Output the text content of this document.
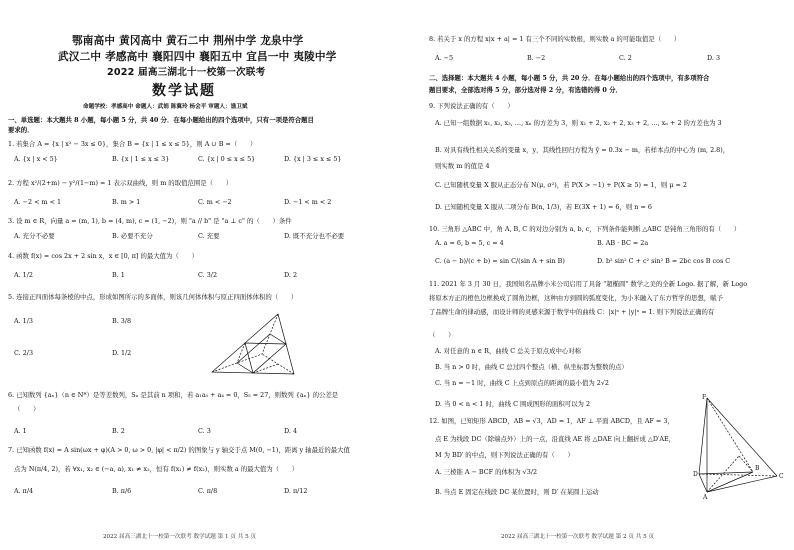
鄂南高中 黄冈高中 黄石二中 荆州中学 龙泉中学
武汉二中 孝感高中 襄阳四中 襄阳五中 宜昌一中 夷陵中学
2022 届高三湖北十一校第一次联考
数学试题
命题学校：孝感高中 命题人：武娟 陈冀玲 杨会平 审题人：谯卫斌
一、单选题：本大题共 8 小题，每小题 5 分，共 40 分．在每小题给出的四个选项中，只有一项是符合题目
要求的．
1. 若集合 A = {x | x² − 3x ≤ 0}，集合 B = {x | 1 ≤ x ≤ 5}，则 A ∪ B =（　　）
A. {x | x < 5}	B. {x | 1 ≤ x ≤ 3}	C. {x | 0 ≤ x ≤ 5}	D. {x | 3 ≤ x ≤ 5}
2. 方程 x²/(2+m) − y²/(1−m) = 1 表示双曲线，则 m 的取值范围是（　　）
A. −2 < m < 1	B. m > 1	C. m < −2	D. −1 < m < 2
3. 设 m ∈ R，向量 a = (m, 1), b = (4, m), c = (1, −2)，则 "a // b" 是 "a ⊥ c" 的（　　）条件
A. 充分不必要	B. 必要不充分	C. 充要	D. 既不充分也不必要
4. 函数 f(x) = cos 2x + 2 sin x，x ∈ [0, π] 的最大值为（　　）
A. 1/2	B. 1	C. 3/2	D. 2
5. 连接正四面体每条棱的中点，形成如图所示的多面体，则该几何体体积与原正四面体体积的（　　）
A. 1/3	B. 3/8
C. 2/3	D. 1/2
6. 已知数列 {aₙ}（n ∈ N*）是等差数列，Sₙ 是其前 n 项和，若 a₁a₅ + a₄ = 0，S₅ = 27，则数列 {aₙ} 的公差是
（　　）
A. 1	B. 2	C. 3	D. 4
7. 已知函数 f(x) = A sin(ωx + φ)(A > 0, ω > 0, |φ| < π/2) 的图象与 y 轴交于点 M(0, −1)，距离 y 轴最近的最大值
点为 N(π/4, 2)，若 ∀x₁, x₂ ∈ (−a, a), x₁ ≠ x₂，恒有 f(x₁) ≠ f(x₂)，则实数 a 的最大值为（　　）
A. π/4	B. π/6	C. π/8	D. π/12
2022 届高三湖北十一校第一次联考 数学试题 第 1 页 共 5 页
8. 若关于 x 的方程 x|x + a| = 1 有三个不同的实数根，则实数 a 的可能取值是（　　）
A. −5	B. −2	C. 2	D. 3
二、选择题：本大题共 4 小题，每小题 5 分，共 20 分．在每小题给出的四个选项中，有多项符合
题目要求，全部选对得 5 分，部分选对得 2 分，有选错的得 0 分．
9. 下列说法正确的有（　　）
A. 已知一组数据 x₁, x₂, x₃, …, xₙ 的方差为 3，则 x₁ + 2, x₂ + 2, x₃ + 2, …, xₙ + 2 的方差也为 3
B. 对具有线性相关关系的变量 x，y，其线性回归方程为 ŷ = 0.3x − m，若样本点的中心为 (m, 2.8)，
则实数 m 的值是 4
C. 已知随机变量 X 服从正态分布 N(μ, σ²)，若 P(X > −1) + P(X ≥ 5) = 1，则 μ = 2
D. 已知随机变量 X 服从二项分布 B(n, 1/3)，若 E(3X + 1) = 6，则 n = 6
10. 三角形 △ABC 中，角 A, B, C 的对边分别为 a, b, c，下列条件能判断 △ABC 是钝角三角形的有（　　）
A. a = 6, b = 5, c = 4	B. AB · BC = 2a
C. (a − b)/(c + b) = sin C/(sin A + sin B)	D. b² sin² C + c² sin² B = 2bc cos B cos C
11. 2021 年 3 月 30 日，我国知名品牌小米公司启用了具备 "超椭圆" 数学之美的全新 Logo. 据了解，新 Logo
将原本方正的橙色边框换成了圆角边框，这种由方到圆的弧度变化，为小米融入了东方哲学的思想，赋予
了品牌生命的律动感，而设计师的灵感来源于数学中的曲线 C：|x|ⁿ + |y|ⁿ = 1. 则下列说法正确的有
（　　）
A. 对任意的 n ∈ R，曲线 C 总关于原点成中心对称
B. 当 n > 0 时，曲线 C 总过四个整点（横、纵坐标都为整数的点）
C. 当 n = −1 时，曲线 C 上点到原点的距离的最小值为 2√2
D. 当 0 < n < 1 时，曲线 C 围成图形的面积可以为 2
12. 如图，已知矩形 ABCD，AB = √3，AD = 1，AF ⊥ 平面 ABCD，且 AF = 3，
点 E 为线段 DC（除端点外）上的一点，沿直线 AE 将 △DAE 向上翻折成 △D′AE，
M 为 BD′ 的中点，则下列说法正确的有（　　）
A. 三棱锥 A − BCF 的体积为 √3/2
B. 当点 E 固定在线段 DC 某位置时，则 D′ 在某圆上运动
F
D	C
A
B
2022 届高三湖北十一校第一次联考 数学试题 第 2 页 共 5 页
